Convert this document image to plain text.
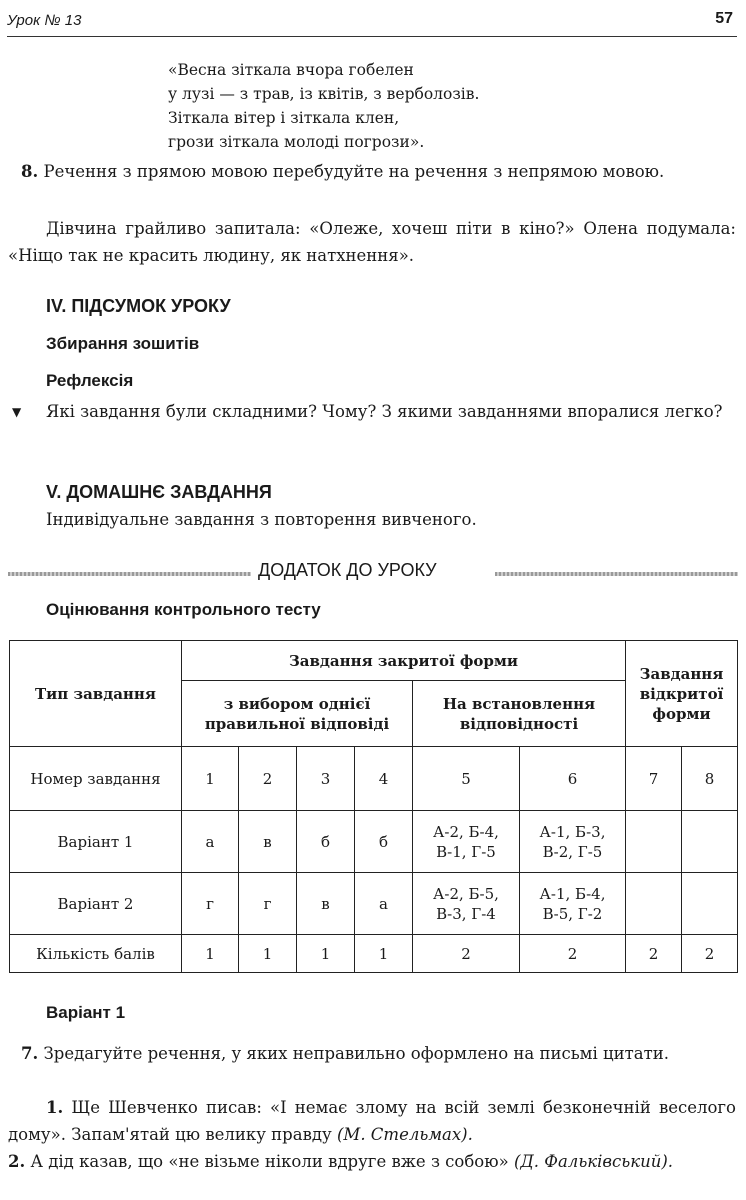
Урок № 13	57
«Весна зіткала вчора гобелен
у лузі — з трав, із квітів, з верболозів.
Зіткала вітер і зіткала клен,
грози зіткала молоді погрози».
8. Речення з прямою мовою перебудуйте на речення з непрямою мовою.
Дівчина грайливо запитала: «Олеже, хочеш піти в кіно?» Олена подумала: «Ніщо так не красить людину, як натхнення».
IV. ПІДСУМОК УРОКУ
Збирання зошитів
Рефлексія
▼ Які завдання були складними? Чому? З якими завданнями впоралися легко?
V. ДОМАШНЄ ЗАВДАННЯ
Індивідуальне завдання з повторення вивченого.
ДОДАТОК ДО УРОКУ
Оцінювання контрольного тесту
Тип завдання	Завдання закритої форми						Завдання відкритої форми	
	з вибором однієї правильної відповіді				На встановлення відповідності			
Номер завдання	1	2	3	4	5	6	7	8
Варіант 1	а	в	б	б	А-2, Б-4, В-1, Г-5	А-1, Б-3, В-2, Г-5		
Варіант 2	г	г	в	а	А-2, Б-5, В-3, Г-4	А-1, Б-4, В-5, Г-2		
Кількість балів	1	1	1	1	2	2	2	2
Варіант 1
7. Зредагуйте речення, у яких неправильно оформлено на письмі цитати.
1. Ще Шевченко писав: «І немає злому на всій землі безконечній веселого дому». Запам'ятай цю велику правду (М. Стельмах).
2. А дід казав, що «не візьме ніколи вдруге вже з собою» (Д. Фальківський).
